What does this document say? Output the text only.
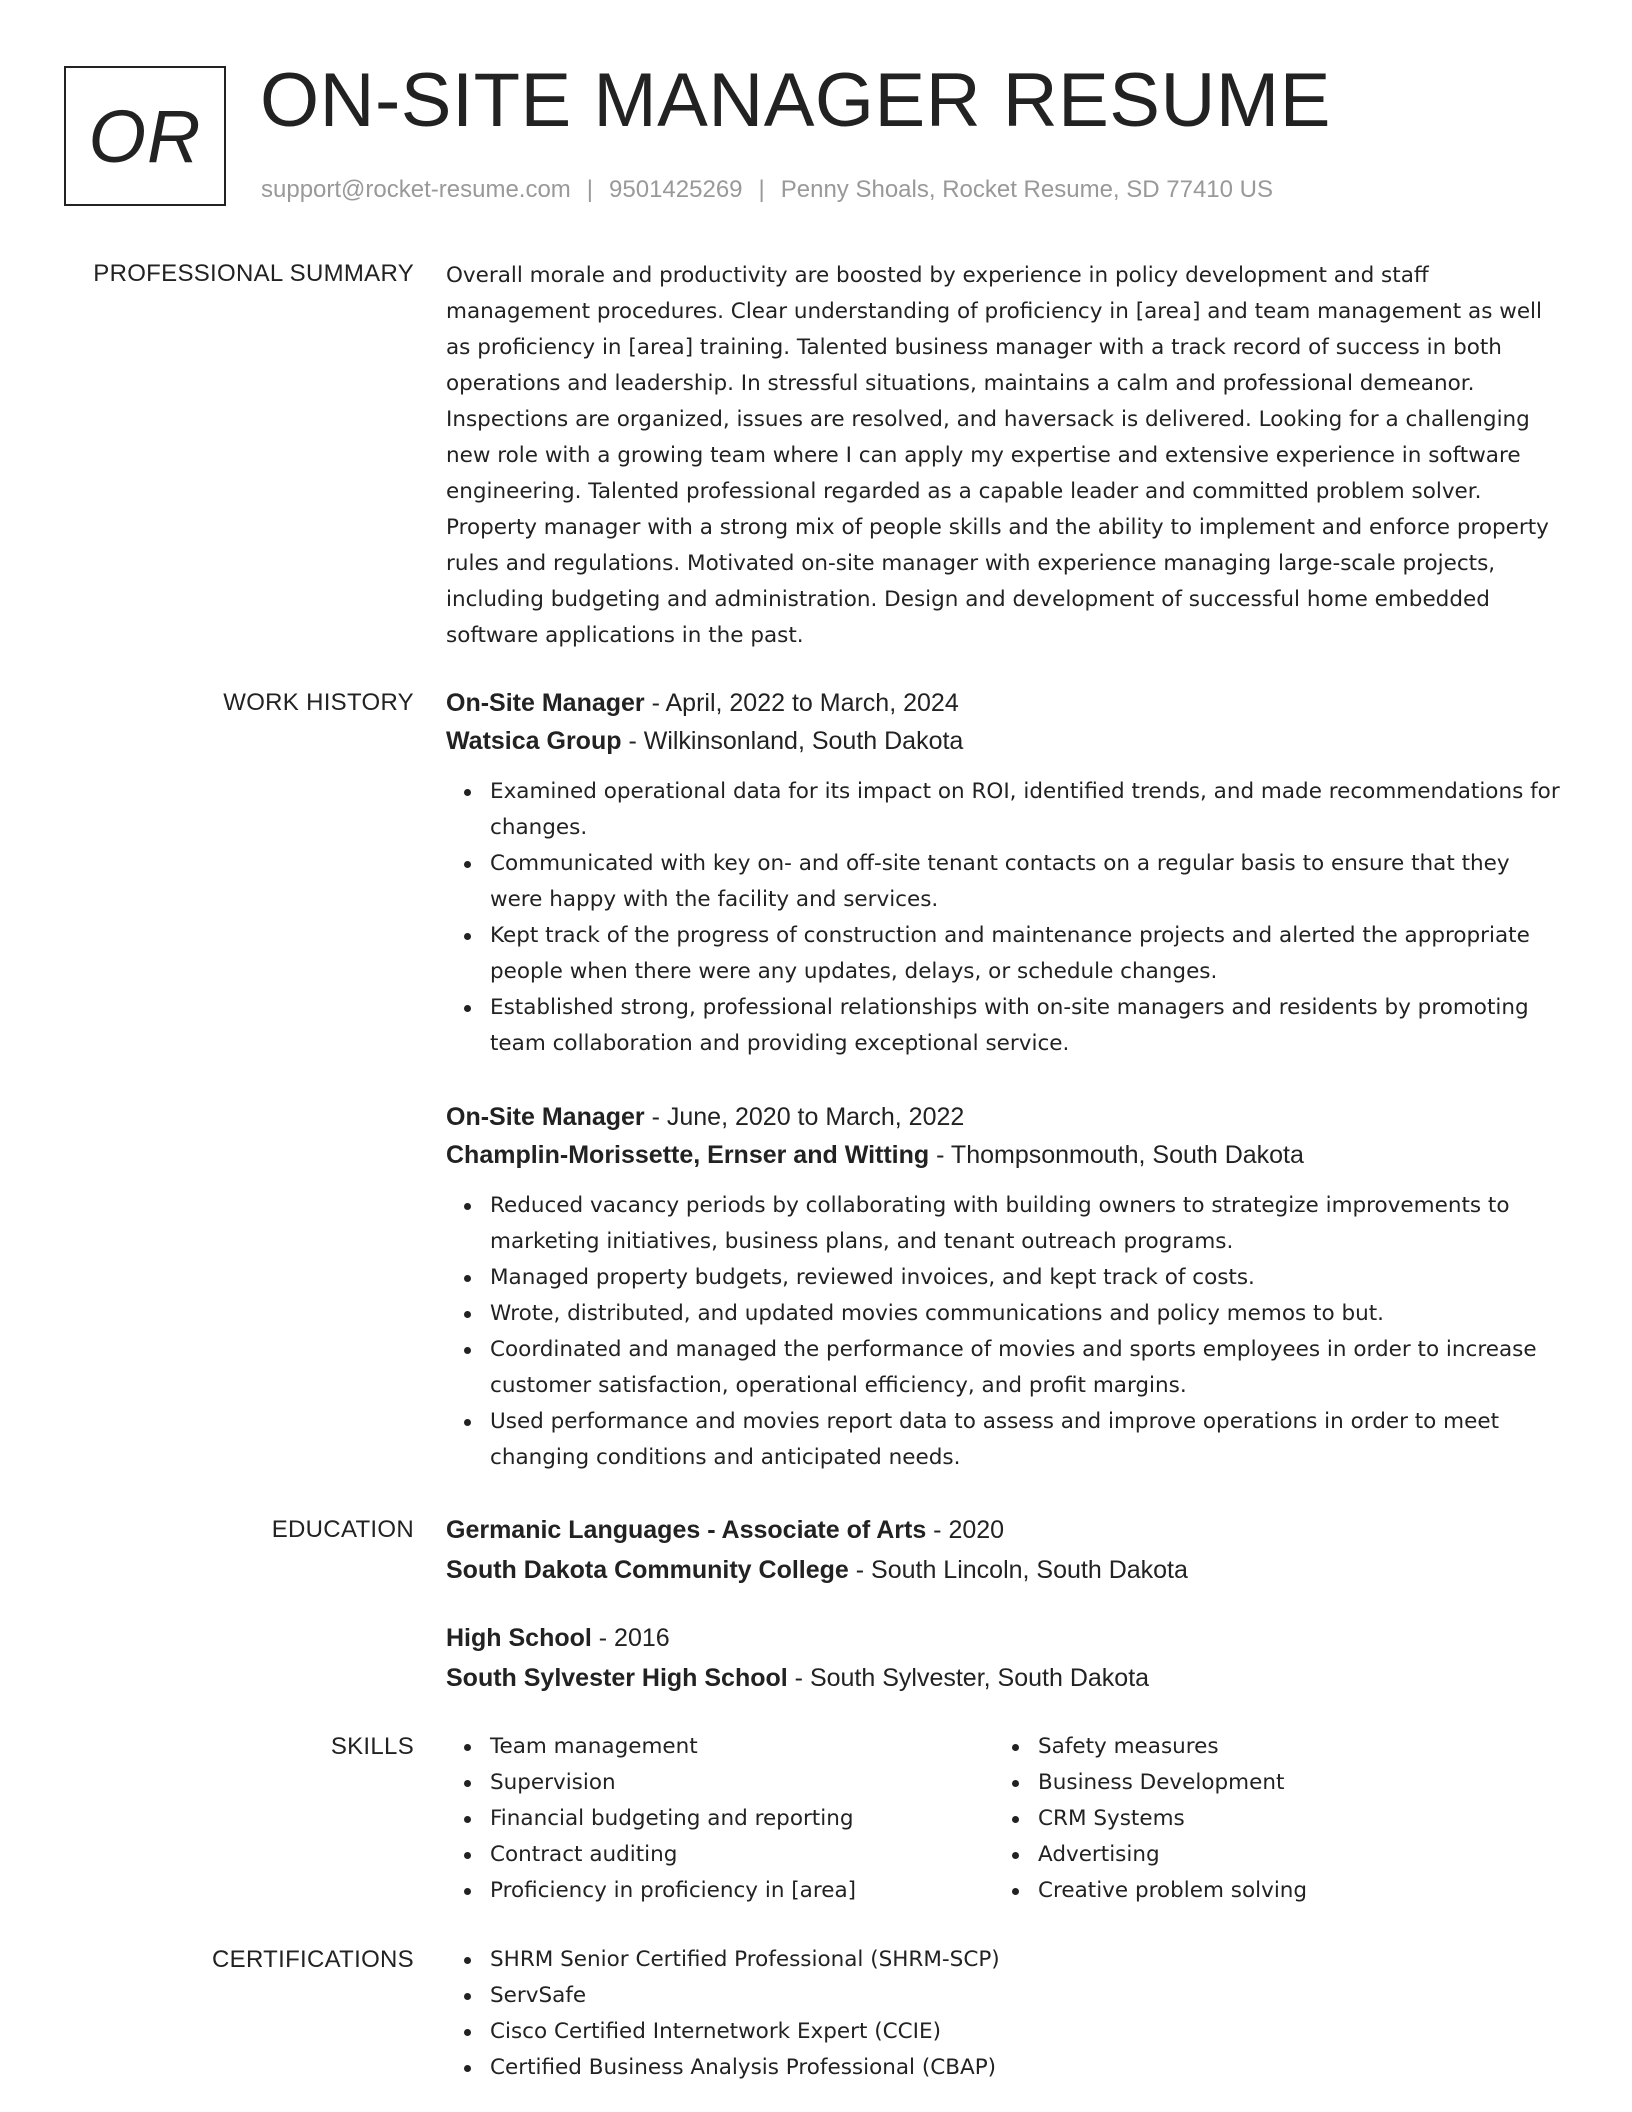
OR ON-SITE MANAGER RESUME
support@rocket-resume.com | 9501425269 | Penny Shoals, Rocket Resume, SD 77410 US
PROFESSIONAL SUMMARY Overall morale and productivity are boosted by experience in policy development and staff management procedures. Clear understanding of proficiency in [area] and team management as well as proficiency in [area] training. Talented business manager with a track record of success in both operations and leadership. In stressful situations, maintains a calm and professional demeanor. Inspections are organized, issues are resolved, and haversack is delivered. Looking for a challenging new role with a growing team where I can apply my expertise and extensive experience in software engineering. Talented professional regarded as a capable leader and committed problem solver. Property manager with a strong mix of people skills and the ability to implement and enforce property rules and regulations. Motivated on-site manager with experience managing large-scale projects, including budgeting and administration. Design and development of successful home embedded software applications in the past.

WORK HISTORY On-Site Manager - April, 2022 to March, 2024
Watsica Group - Wilkinsonland, South Dakota
Examined operational data for its impact on ROI, identified trends, and made recommendations for changes.
Communicated with key on- and off-site tenant contacts on a regular basis to ensure that they were happy with the facility and services.
Kept track of the progress of construction and maintenance projects and alerted the appropriate people when there were any updates, delays, or schedule changes.
Established strong, professional relationships with on-site managers and residents by promoting team collaboration and providing exceptional service.
On-Site Manager - June, 2020 to March, 2022
Champlin-Morissette, Ernser and Witting - Thompsonmouth, South Dakota
Reduced vacancy periods by collaborating with building owners to strategize improvements to marketing initiatives, business plans, and tenant outreach programs.
Managed property budgets, reviewed invoices, and kept track of costs.
Wrote, distributed, and updated movies communications and policy memos to but.
Coordinated and managed the performance of movies and sports employees in order to increase customer satisfaction, operational efficiency, and profit margins.
Used performance and movies report data to assess and improve operations in order to meet changing conditions and anticipated needs.
EDUCATION Germanic Languages - Associate of Arts - 2020
South Dakota Community College - South Lincoln, South Dakota
High School - 2016
South Sylvester High School - South Sylvester, South Dakota
SKILLS	Team management
Supervision
Financial budgeting and reporting
Contract auditing
Proficiency in proficiency in [area]
Safety measures
Business Development
CRM Systems
Advertising
Creative problem solving
CERTIFICATIONS	SHRM Senior Certified Professional (SHRM-SCP)
ServSafe
Cisco Certified Internetwork Expert (CCIE)
Certified Business Analysis Professional (CBAP)
